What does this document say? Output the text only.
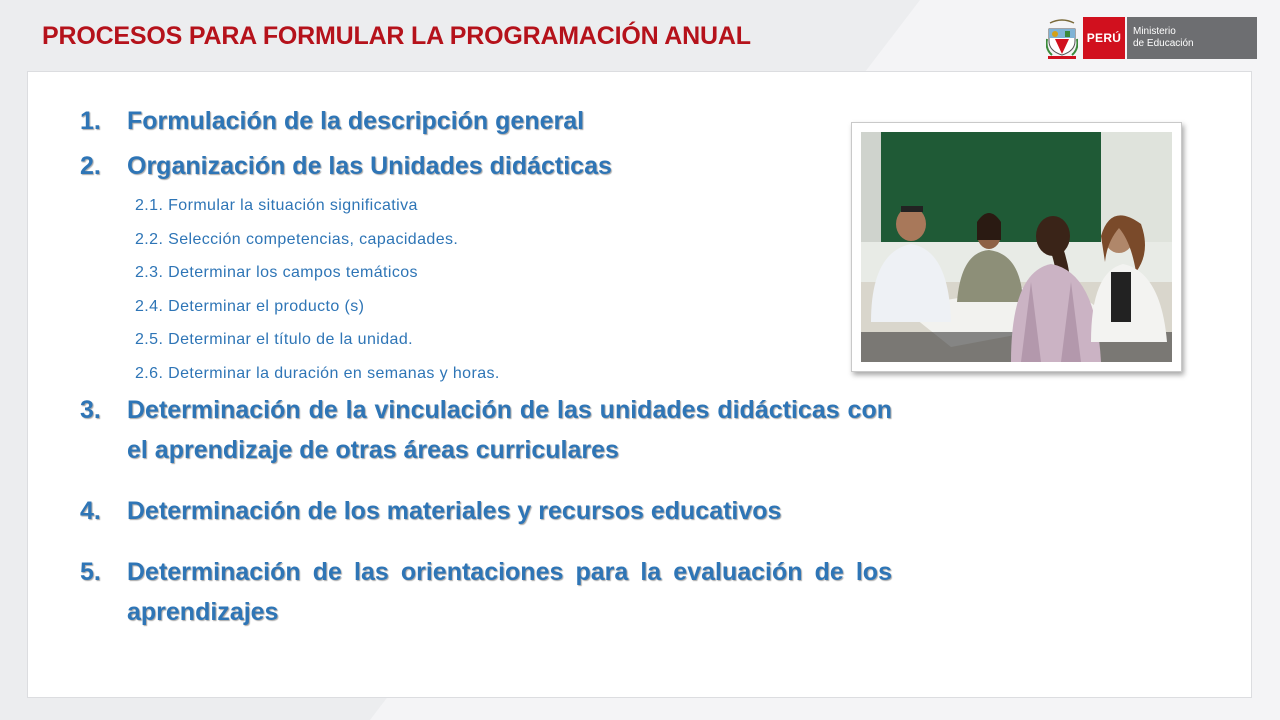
PROCESOS PARA FORMULAR LA PROGRAMACIÓN ANUAL	PERÚ	Ministerio
de Educación
1.	Formulación de la descripción general
2.	Organización de las Unidades didácticas
2.1. Formular la situación significativa
2.2. Selección competencias, capacidades.
2.3. Determinar los campos temáticos
2.4. Determinar el producto (s)
2.5. Determinar el título de la unidad.
2.6. Determinar la duración en semanas y horas.
3.	Determinación de la vinculación de las unidades didácticas con el aprendizaje de otras áreas curriculares
4.	Determinación de los materiales y recursos educativos
5.	Determinación de las orientaciones para la evaluación de los aprendizajes
